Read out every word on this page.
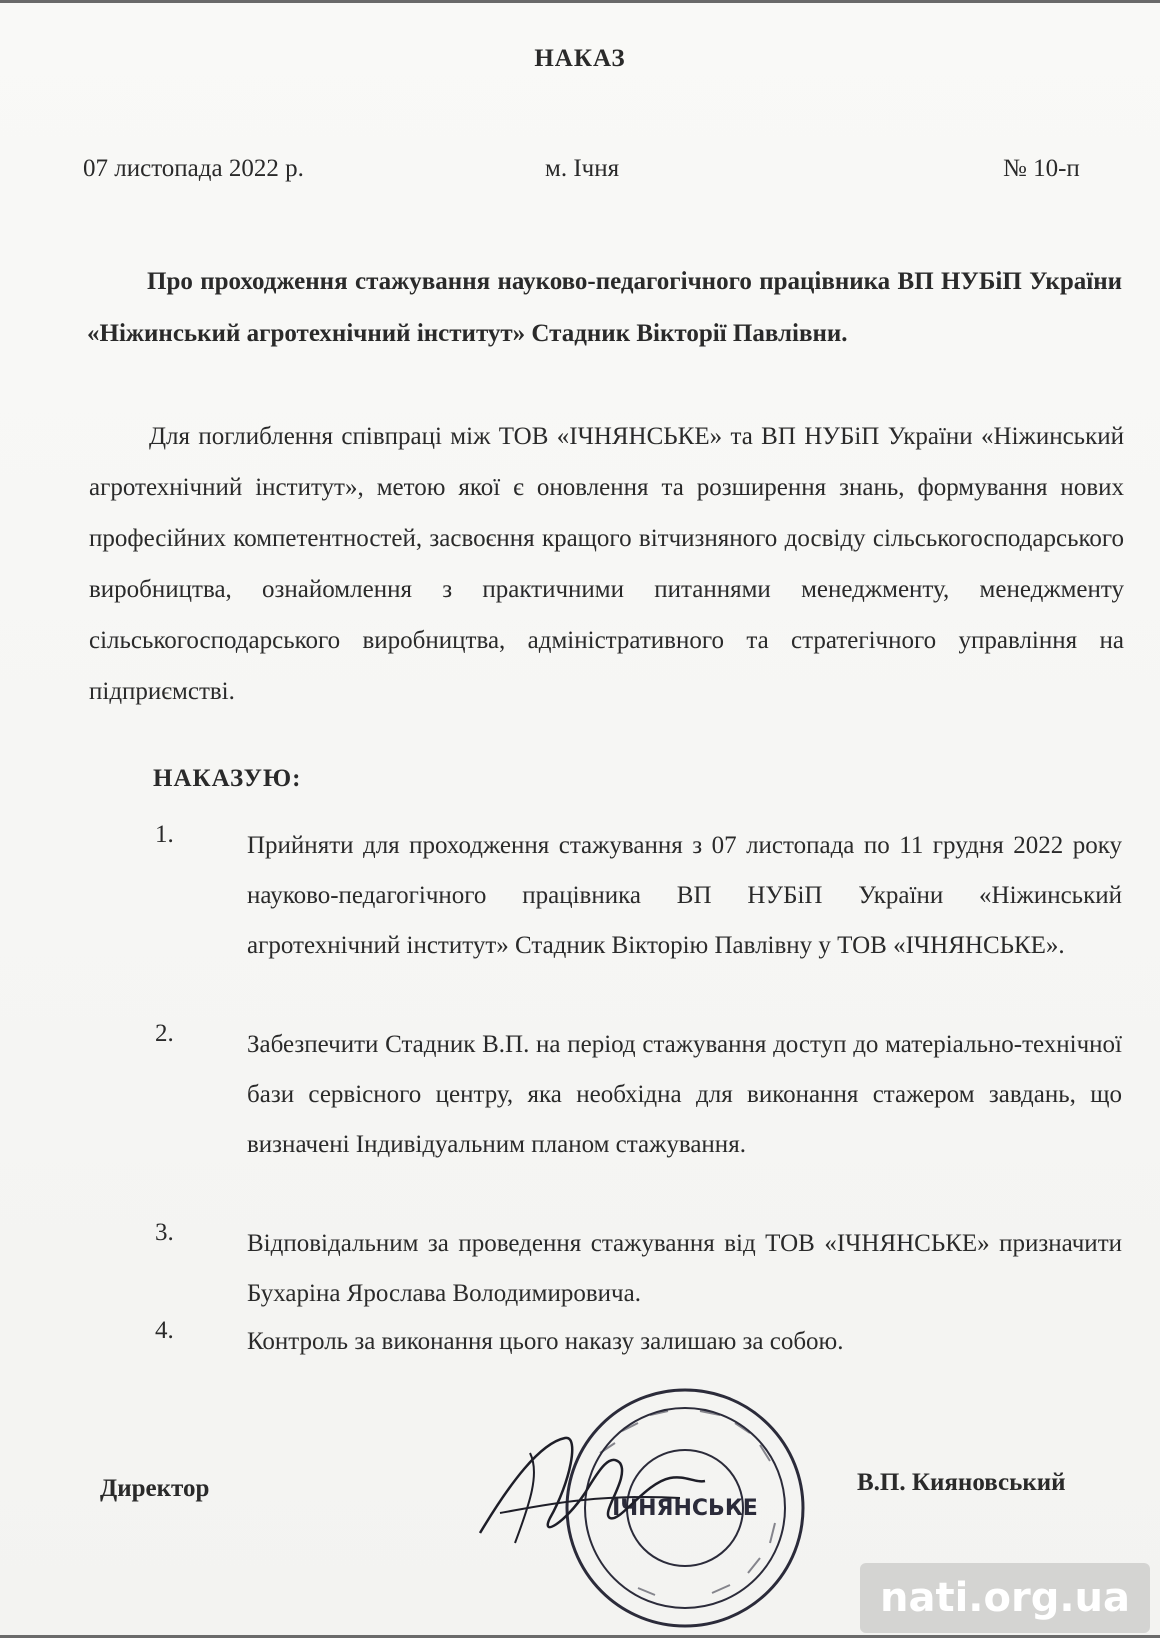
НАКАЗ
07 листопада 2022 р.	м. Ічня	№ 10-п
Про проходження стажування науково-педагогічного працівника ВП НУБіП України «Ніжинський агротехнічний інститут» Стадник Вікторії Павлівни.
Для поглиблення співпраці між ТОВ «ІЧНЯНСЬКЕ» та ВП НУБіП України «Ніжинський агротехнічний інститут», метою якої є оновлення та розширення знань, формування нових професійних компетентностей, засвоєння кращого вітчизняного досвіду сільськогосподарського виробництва, ознайомлення з практичними питаннями менеджменту, менеджменту сільськогосподарського виробництва, адміністративного та стратегічного управління на підприємстві.
НАКАЗУЮ:
1.	Прийняти для проходження стажування з 07 листопада по 11 грудня 2022 року науково-педагогічного працівника ВП НУБіП України «Ніжинський агротехнічний інститут» Стадник Вікторію Павлівну у ТОВ «ІЧНЯНСЬКЕ».
2.	Забезпечити Стадник В.П. на період стажування доступ до матеріально-технічної бази сервісного центру, яка необхідна для виконання стажером завдань, що визначені Індивідуальним планом стажування.
3.	Відповідальним за проведення стажування від ТОВ «ІЧНЯНСЬКЕ» призначити Бухаріна Ярослава Володимировича.
4.	Контроль за виконання цього наказу залишаю за собою.
Директор
ІЧНЯНСЬКЕ
В.П. Кияновський
nati.org.ua
